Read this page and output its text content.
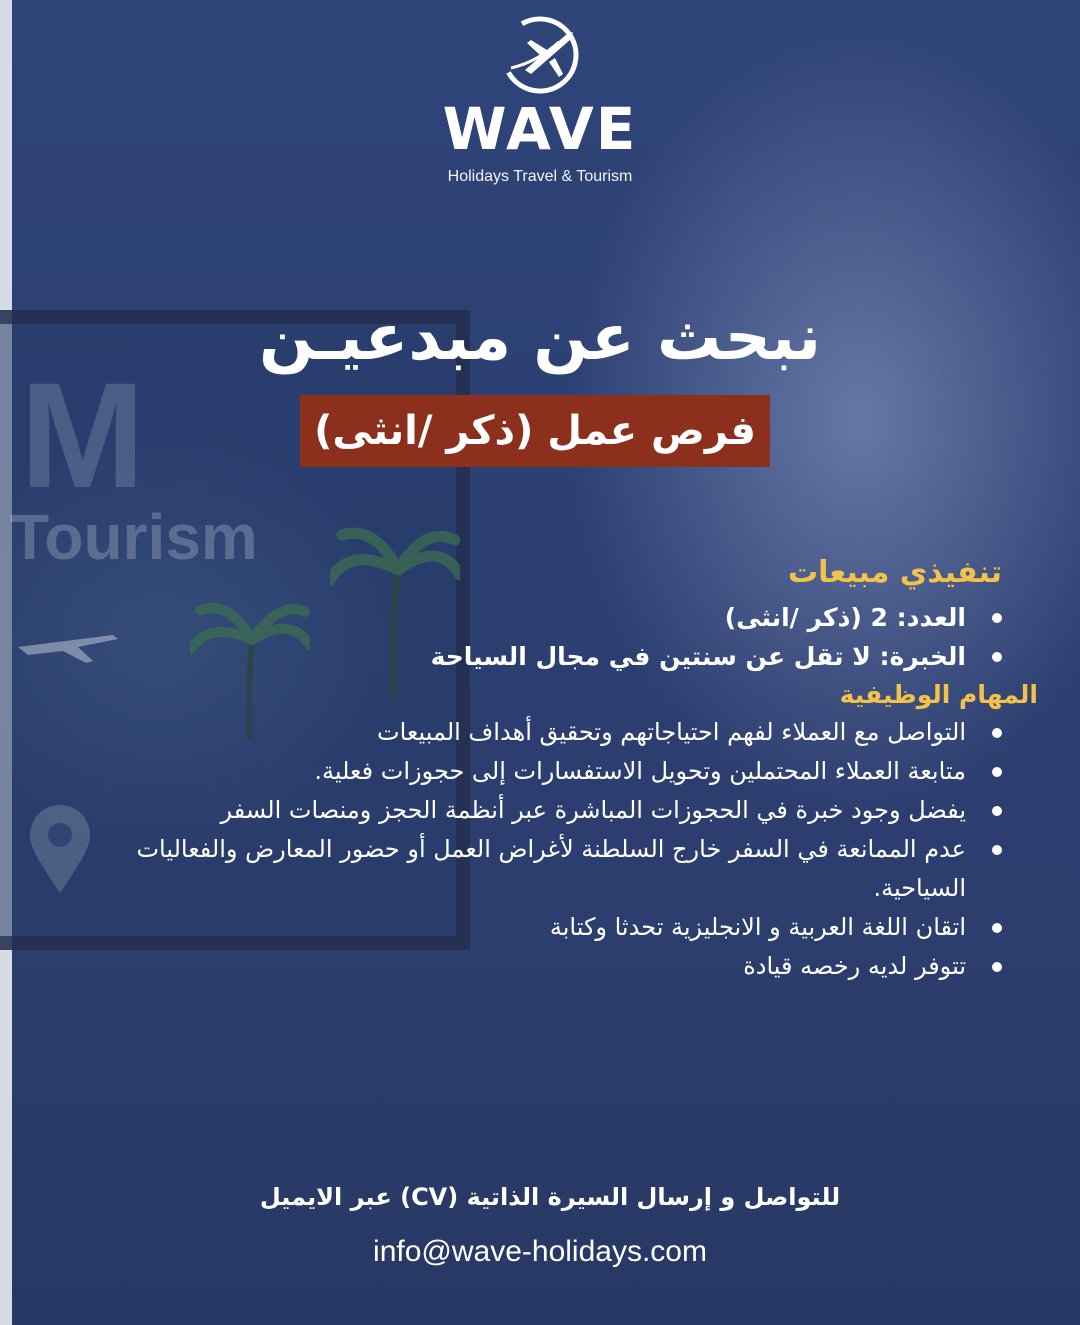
M
Tourism
WAVE
Holidays Travel & Tourism
نبحث عن مبدعيـن
فرص عمل (ذكر /انثى)
تنفيذي مبيعات
العدد: 2 (ذكر /انثى)
الخبرة: لا تقل عن سنتين في مجال السياحة
المهام الوظيفية
التواصل مع العملاء لفهم احتياجاتهم وتحقيق أهداف المبيعات
متابعة العملاء المحتملين وتحويل الاستفسارات إلى حجوزات فعلية.
يفضل وجود خبرة في الحجوزات المباشرة عبر أنظمة الحجز ومنصات السفر
عدم الممانعة في السفر خارج السلطنة لأغراض العمل أو حضور المعارض والفعاليات السياحية.
اتقان اللغة العربية و الانجليزية تحدثا وكتابة
تتوفر لديه رخصه قيادة
للتواصل و إرسال السيرة الذاتية (CV) عبر الايميل
info@wave-holidays.com
